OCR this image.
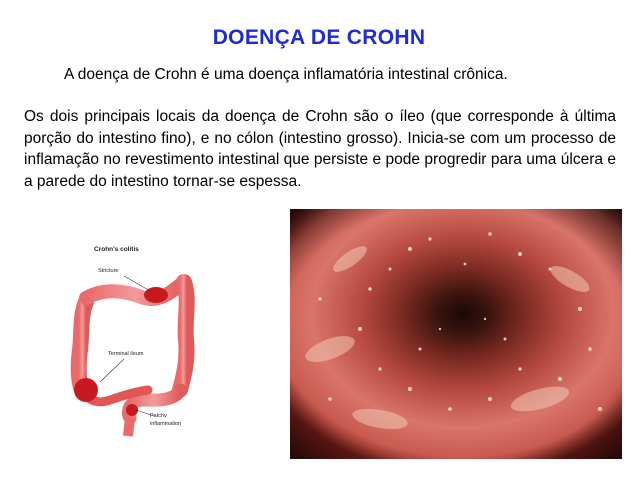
DOENÇA DE CROHN
A doença de Crohn é uma doença inflamatória intestinal crônica.
Os dois principais locais da doença de Crohn são o íleo (que corresponde à última porção do intestino fino), e no cólon (intestino grosso). Inicia-se com um processo de inflamação no revestimento intestinal que persiste e pode progredir para uma úlcera e a parede do intestino tornar-se espessa.
Crohn's colitis
Stricture
Terminal ileum
Patchy
inflammation
